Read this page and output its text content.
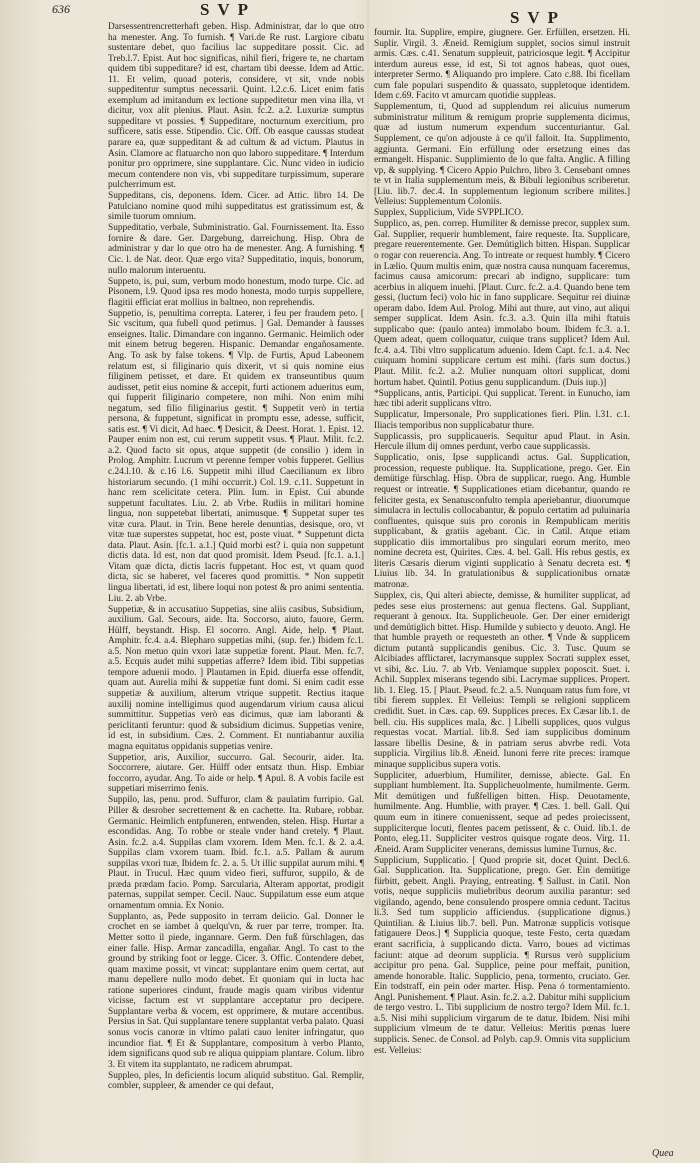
636	S V P	S V P

Darsessentrencretterhaft geben. Hisp. Administrar, dar lo que otro ha menester. Ang. To furnish. ¶ Vari.de Re rust. Largiore cibatu sustentare debet, quo facilius lac suppeditare possit. Cic. ad Treb.l.7. Epist. Aut hoc significas, nihil fieri, frigere te, ne chartam quidem tibi suppeditare? id est, chartam tibi deesse. Idem ad Attic. 11. Et velim, quoad poteris, considere, vt sit, vnde nobis suppeditentur sumptus necessarii. Quint. l.2.c.6. Licet enim fatis exemplum ad imitandum ex lectione suppeditetur men vina illa, vt dicitur, vox alit plenius. Plaut. Asin. fc.2. a.2. Luxuriæ sumptus suppeditare vt possies. ¶ Suppeditare, nocturnum exercitium, pro sufficere, satis esse. Stipendio. Cic. Off. Ob easque caussas studeat parare ea, quæ suppeditant & ad cultum & ad victum. Plautus in Asin. Clamore ac flatuarcho non quo laboro suppeditare. ¶ Interdum ponitur pro opprimere, sine supplantare. Cic. Nunc video in iudicio mecum contendere non vis, vbi suppeditare turpissimum, superare pulcherrimum est.

Suppeditans, cis, deponens. Idem. Cicer. ad Attic. libro 14. De Patulciano nomine quod mihi suppeditatus est gratissimum est, & simile tuorum omnium.

Suppeditatio, verbale, Subministratio. Gal. Fournissement. Ita. Esso fornire & dare. Ger. Dargebung, darreichung. Hisp. Obra de administrar y dar lo que otro ha de menester. Ang. A furnishing. ¶ Cic. l. de Nat. deor. Quæ ergo vita? Suppeditatio, inquis, bonorum, nullo malorum interuentu.

Suppeto, is, pui, sum, verbum modo honestum, modo turpe. Cic. ad Pisonem, l.9. Quod ipsa res modo honesta, modo turpis suppellere, flagitii efficiat erat mollius in baltneo, non reprehendis.

Suppetio, is, penultima correpta. Laterer, i feu per fraudem peto. [ Sic vscitum, qua fubell quod petimus. ] Gal. Demander à fausses enseignes. Italic. Dimandare con inganno. Germanic. Heimlich oder mit einem betrug begeren. Hispanic. Demandar engañosamente. Ang. To ask by false tokens. ¶ Vlp. de Furtis, Apud Labeonem relatum est, si filiginario quis dixerit, vt si quis nomine eius filiginem petisset, et dare. Et quidem ex transeuntibus quum audisset, petit eius nomine & accepit, furti actionem adueritus eum, qui fupperit filiginario competere, non mihi. Non enim mihi negatum, sed filio filiginarius gestit. ¶ Suppetit verò in tertia persona, & fuppetunt, significat in promptu esse, adesse, sufficit, satis est. ¶ Vi dicit, Ad haec. ¶ Desicit, & Deest. Horat. 1. Epist. 12. Pauper enim non est, cui rerum suppetit vsus. ¶ Plaut. Milit. fc.2. a.2. Quod facto sit opus, atque suppetit (de consilio ) idem in Prolog. Amphitr. Lucrum vt perenne femper vobis fupperet. Gellius c.24.l.10. & c.16 l.6. Suppetit mihi illud Caecilianum ex libro historiarum secundo. (1 mihi occurrit.) Col. l.9. c.11. Suppetunt in hanc rem scelicitate cetera. Plin. Ium. in Epist. Cui abunde suppetunt facultates. Liu. 2. ab Vrbe. Rudiis in militari homine lingua, non suppetebat libertati, animusque. ¶ Suppetat super tes vitæ cura. Plaut. in Trin. Bene herele denuntias, desisque, oro, vt vitæ tuæ superstes suppetat, hoc est, poste viuat. * Suppetunt dicta data. Plaut. Asin. [fc.1. a.1.] Quid morbi est? i. quia non suppetunt dictis data. Id est, non dat quod promisit. Idem Pseud. [fc.1. a.1.] Vitam quæ dicta, dictis lacris fuppetant. Hoc est, vt quam quod dicta, sic se haberet, vel faceres quod promittis. * Non suppetit lingua libertati, id est, libere loqui non potest & pro animi sententia. Liu. 2. ab Vrbe.

Suppetiæ, & in accusatiuo Suppetias, sine aliis casibus, Subsidium, auxilium. Gal. Secours, aide. Ita. Soccorso, aiuto, fauore, Germ. Hülff, beystandt. Hisp. El socorro. Angl. Aide, help. ¶ Plaut. Amphitr. fc.4. a.4. Blepharo suppetias mihi, (sup. fer.) Ibidem fc.1. a.5. Non metuo quin vxori latæ suppetiæ forent. Plaut. Men. fc.7. a.5. Ecquis audet mihi suppetias afferre? Idem ibid. Tibi suppetias tempore aduenii modo. ] Plautamen in Epid. diuerfa esse offendit, quam aut. Aurelia mihi & suppetiæ funt domi. Si enim cadit esse suppetiæ & auxilium, alterum vtrique suppetit. Rectius itaque auxilij nomine intelligimus quod augendarum virium causa alicui summittitur. Suppetias verò eas dicimus, quæ iam laboranti & periclitanti feruntur: quod & subsidium dicimus. Suppetias venire, id est, in subsidium. Cæs. 2. Comment. Et nuntiabantur auxilia magna equitatus oppidanis suppetias venire.

Suppetior, aris, Auxilior, succurro. Gal. Secourir, aider. Ita. Soccorrere, aiutare. Ger. Hülff oder entsatz thun. Hisp. Embiar foccorro, ayudar. Ang. To aide or help. ¶ Apul. 8. A vobis facile est suppetiari miserrimo fenis.

Suppilo, las, penu. prod. Suffuror, clam & paulatim furripio. Gal. Piller & desrober secrettement & en cachette. Ita. Rubare, robbar. Germanic. Heimlich entpfuneren, entwenden, stelen. Hisp. Hurtar a escondidas. Ang. To robbe or steale vnder hand cretely. ¶ Plaut. Asin. fc.2. a.4. Suppilas clam vxorem. Idem Men. fc.1. & 2. a.4. Suppilas clam vxorem tuam. Ibid. fc.1. a.5. Pallam & aurum suppilas vxori tuæ, Ibidem fc. 2. a. 5. Ut illic suppilat aurum mihi. ¶ Plaut. in Trucul. Hæc quum video fieri, suffuror, suppilo, & de præda prædam facio. Pomp. Sarcularia, Alteram apportat, prodigit paternas, suppilat semper. Cecil. Nauc. Suppilatum esse eum atque ornamentum omnia. Ex Nonio.

Supplanto, as, Pede supposito in terram deiicio. Gal. Donner le crochet en se iambet à quelqu'vn, & ruer par terre, tromper. Ita. Metter sotto il piede, ingannare. Germ. Den fuß fürschlagen, das einer falle. Hisp. Armar zancadilla, engañar. Angl. To cast to the ground by striking foot or legge. Cicer. 3. Offic. Contendere debet, quam maxime possit, vt vincat: supplantare enim quem certat, aut manu depellere nullo modo debet. Et quoniam qui in lucta hac ratione superiores cindunt, fraude magis quam viribus videntur vicisse, factum est vt supplantare acceptatur pro decipere. Supplantare verba & vocem, est opprimere, & mutare accentibus. Persius in Sat. Qui supplantare tenere supplantat verba palato. Quasi sonus vocis canoræ in vltimo palati cauo leniter infringatur, quo incundior fiat. ¶ Et & Supplantare, compositum à verbo Planto, idem significans quod sub re aliqua quippiam plantare. Colum. libro 3. Et vitem ita supplantato, ne radicem abrumpat.

Suppleo, ples, In deficientis locum aliquid substituo. Gal. Remplir, combler, suppleer, & amender ce qui defaut,

fournir. Ita. Supplire, empire, giugnere. Ger. Erfüllen, ersetzen. Hi. Suplir. Virgil. 3. Æneid. Remigium supplet, socios simul instruit armis. Cæs. c.41. Senatum suppleuit, patriciosque legit. ¶ Accipitur interdum aureus esse, id est, Si tot agnos habeas, quot oues, interpreter Sermo. ¶ Aliquando pro implere. Cato c.88. Ibi ficellam cum fale populari suspendito & quassato, suppletoque identidem. Idem c.69. Facito vt amurcam quotidie suppleas.

Supplementum, ti, Quod ad supplendum rei alicuius numerum subministratur militum & remigum proprie supplementa dicimus, quæ ad iustum numerum expendum succenturiantur. Gal. Supplement, ce qu'on adjouste à ce qu'il falloit. Ita. Supplimento, aggiunta. Germani. Ein erfüllung oder ersetzung eines das ermangelt. Hispanic. Supplimiento de lo que falta. Anglic. A filling vp, & supplying. ¶ Cicero Appio Pulchro, libro 3. Censebant omnes te vt in Italia supplementum meis, & Bibuli legionibus scriberetur. [Liu. lib.7. dec.4. In supplementum legionum scribere milites.] Velleius: Supplementum Coloniis.

Supplex, Supplicium, Vide SVPPLICO.

Supplico, as, pen. correp. Humiliter & demisse precor, supplex sum. Gal. Supplier, requerir humblement, faire requeste. Ita. Supplicare, pregare reuerentemente. Ger. Demütiglich bitten. Hispan. Supplicar o rogar con reuerencia. Ang. To intreate or request humbly. ¶ Cicero in Lælio. Quum multis enim, quæ nostra causa nunquam faceremus, facimus causa amicorum: precari ab indigno, supplicare: tum acerbius in aliquem inuehi. [Plaut. Curc. fc.2. a.4. Quando bene tem gessi, (luctum feci) volo hic in fano supplicare. Sequitur rei diuinæ operam dabo. Idem Aul. Prolog. Mihi aut thure, aut vino, aut aliqui semper supplicat. Idem Asin. fc.3. a.3. Quin illa mihi ftatuis supplicabo que: (paulo antea) immolabo boum. Ibidem fc.3. a.1. Quem adeat, quem colloquatur, cuique trans supplicet? Idem Aul. fc.4. a.4. Tibi vltro supplicatum aduenio. Idem Capt. fc.1. a.4. Nec cuiquam homini supplicare certum est mihi. (faris sum doctus.) Plaut. Milit. fc.2. a.2. Mulier nunquam oltori supplicat, domi hortum habet. Quintil. Potius genu supplicandum. (Duis iup.)]

*Supplicans, antis, Participi. Qui supplicat. Terent. in Eunucho, iam hæc tibi aderit supplicans vltro.

Supplicatur, Impersonale, Pro supplicationes fieri. Plin. l.31. c.1. Iliacis temporibus non supplicabatur thure.

Supplicassis, pro supplicaueris. Sequitur apud Plaut. in Asin. Hercule illum dij omnes perdunt, verbo caue supplicassis.

Supplicatio, onis, Ipse supplicandi actus. Gal. Supplication, procession, requeste publique. Ita. Supplicatione, prego. Ger. Ein demütige fürschlag. Hisp. Obra de supplicar, ruego. Ang. Humble request or intreatie. ¶ Supplicationes etiam dicebantur, quando re feliciter gesta, ex Senatusconfulto templa aperiebantur, diuorumque simulacra in lectulis collocabantur, & populo certatim ad puluinaria confluentes, quisque suis pro coronis in Rempublicam meritis supplicabant, & gratiis agebant. Cic. in Catil. Atque etiam supplicatio diis immortalibus pro singulari eorum merito, meo nomine decreta est, Quirites. Cæs. 4. bel. Gall. His rebus gestis, ex literis Cæsaris dierum viginti supplicatio à Senatu decreta est. ¶ Liuius lib. 34. In gratulationibus & supplicationibus ornatæ matronæ.

Supplex, cis, Qui alteri abiecte, demisse, & humiliter supplicat, ad pedes sese eius prosternens: aut genua flectens. Gal. Suppliant, requerant à genoux. Ita. Supplicheuole. Ger. Der einer erniderigt und demütiglich bittet. Hisp. Humilde y subiecto y deuoto. Angl. He that humble prayeth or requesteth an other. ¶ Vnde & supplicem dictum putantà supplicandis genibus. Cic. 3. Tusc. Quum se Alcibiades afflictaret, lacrymansque supplex Socrati supplex esset, vt sibi, &c. Liu. 7. ab Vrb. Veniamque supplex poposcit. Suet. i. Achil. Supplex miserans tegendo sibi. Lacrymae supplices. Propert. lib. 1. Eleg. 15. [ Plaut. Pseud. fc.2. a.5. Nunquam ratus fum fore, vt tibi fierem supplex. Et Velleius: Templi se religioni supplicem credidit. Suet. in Cæs. cap. 69. Supplices preces. Ex Cæsar lib.1. de bell. ciu. His supplices mala, &c. ] Libelli supplices, quos vulgus requestas vocat. Martial. lib.8. Sed iam supplicibus dominum lassare libellis Desine, & in patriam serus abvrbe redi. Vota supplicia. Virgilius lib.8. Æneid. Iunoni ferre rite preces: iramque minaque supplicibus supera votis.

Suppliciter, aduerbium, Humiliter, demisse, abiecte. Gal. En suppliant humblement. Ita. Supplicheuolmente, humilmente. Germ. Mit demütigen und fußfelligen bitten. Hisp. Deuotamente, humilmente. Ang. Humblie, with prayer. ¶ Cæs. 1. bell. Gall. Qui quum eum in itinere conuenissent, seque ad pedes proiecissent, suppliciterque locuti, flentes pacem petissent, & c. Ouid. lib.1. de Ponto, eleg.11. Suppliciter vestros quisque rogate deos. Virg. 11. Æneid. Aram Suppliciter venerans, demissus lumine Turnus, &c.

Supplicium, Supplicatio. [ Quod proprie sit, docet Quint. Decl.6. Gal. Supplication. Ita. Supplicatione, prego. Ger. Ein demütige fürbitt, gebett. Angli. Praying, entreating. ¶ Sallust. in Catil. Non votis, neque suppliciis muliebribus deorum auxilia parantur: sed vigilando, agendo, bene consulendo prospere omnia cedunt. Tacitus li.3. Sed tum supplicio afficiendus. (supplicatione dignus.) Quintilian. & Liuius lib.7. bell. Pun. Matronæ supplicis votisque fatigauere Deos.] ¶ Supplicia quoque, teste Festo, certa quædam erant sacrificia, à supplicando dicta. Varro, boues ad victimas faciunt: atque ad deorum supplicia. ¶ Rursus verò supplicium accipitur pro pena. Gal. Supplice, peine pour meffait, punition, amende honorable. Italic. Supplicio, pena, tormento, cruciato. Ger. Ein todstraff, ein pein oder marter. Hisp. Pena ó tormentamiento. Angl. Punishement. ¶ Plaut. Asin. fc.2. a.2. Dabitur mihi supplicium de tergo vestro. L. Tibi supplicium de nostro tergo? Idem Mil. fc.1. a.5. Nisi mihi supplicium virgarum de te datur. Ibidem. Nisi mihi supplicium vlmeum de te datur. Velleius: Meritis pœnas luere supplicis. Senec. de Consol. ad Polyb. cap.9. Omnis vita supplicium est. Velleius:

Quea
